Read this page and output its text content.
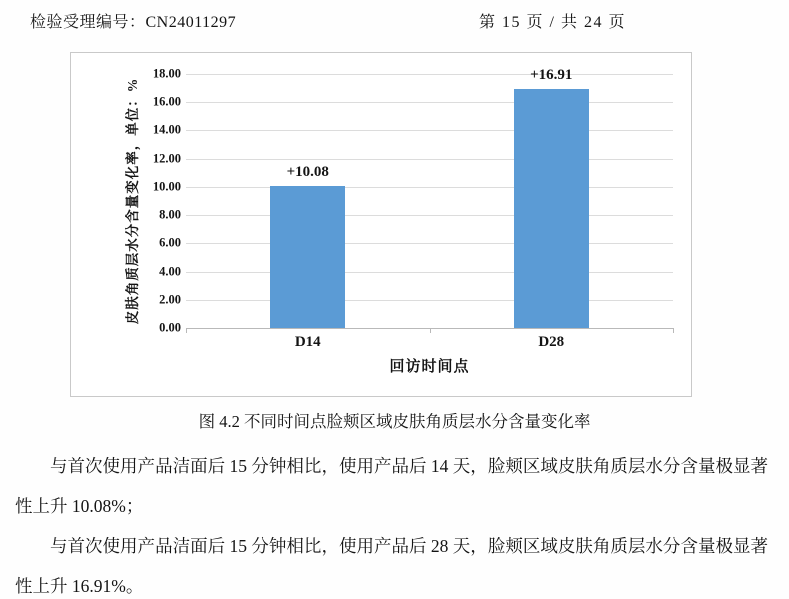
检验受理编号：CN24011297	第 15 页 / 共 24 页
0.00
2.00
4.00
6.00
8.00
10.00
12.00
14.00
16.00
18.00
+10.08
D14
+16.91
D28
皮肤角质层水分含量变化率，单位：%
回访时间点
图 4.2 不同时间点脸颊区域皮肤角质层水分含量变化率

与首次使用产品洁面后 15 分钟相比，使用产品后 14 天，脸颊区域皮肤角质层水分含量极显著性上升 10.08%；

与首次使用产品洁面后 15 分钟相比，使用产品后 28 天，脸颊区域皮肤角质层水分含量极显著性上升 16.91%。
